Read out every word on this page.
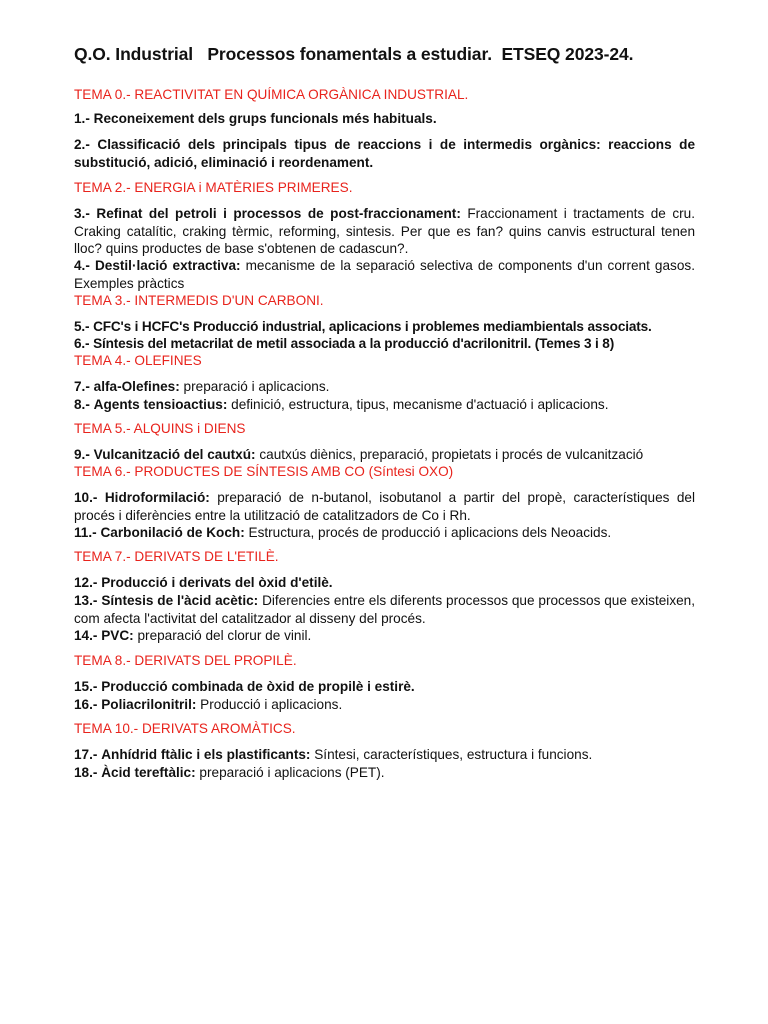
Q.O. Industrial   Processos fonamentals a estudiar.  ETSEQ 2023-24.
TEMA 0.- REACTIVITAT EN QUÍMICA ORGÀNICA INDUSTRIAL.
1.- Reconeixement dels grups funcionals més habituals.
2.- Classificació dels principals tipus de reaccions i de intermedis orgànics: reaccions de substitució, adició, eliminació i reordenament.
TEMA 2.- ENERGIA i MATÈRIES PRIMERES.
3.- Refinat del petroli i processos de post-fraccionament: Fraccionament i tractaments de cru. Craking catalític, craking tèrmic, reforming, sintesis. Per que es fan? quins canvis estructural tenen lloc? quins productes de base s'obtenen de cadascun?.
4.- Destil·lació extractiva: mecanisme de la separació selectiva de components d'un corrent gasos. Exemples pràctics
TEMA 3.- INTERMEDIS D'UN CARBONI.
5.- CFC's i HCFC's Producció industrial, aplicacions i problemes mediambientals associats.
6.- Síntesis del metacrilat de metil associada a la producció d'acrilonitril. (Temes 3 i 8)
TEMA 4.- OLEFINES
7.- alfa-Olefines: preparació i aplicacions.
8.- Agents tensioactius: definició, estructura, tipus, mecanisme d'actuació i aplicacions.
TEMA 5.- ALQUINS i DIENS
9.- Vulcanització del cautxú: cautxús diènics, preparació, propietats i procés de vulcanització
TEMA 6.- PRODUCTES DE SÍNTESIS AMB CO (Síntesi OXO)
10.- Hidroformilació: preparació de n-butanol, isobutanol a partir del propè, característiques del procés i diferències entre la utilització de catalitzadors de Co i Rh.
11.- Carbonilació de Koch: Estructura, procés de producció i aplicacions dels Neoacids.
TEMA 7.- DERIVATS DE L'ETILÈ.
12.- Producció i derivats del òxid d'etilè.
13.- Síntesis de l'àcid acètic: Diferencies entre els diferents processos que processos que existeixen, com afecta l'activitat del catalitzador al disseny del procés.
14.- PVC: preparació del clorur de vinil.
TEMA 8.- DERIVATS DEL PROPILÈ.
15.- Producció combinada de òxid de propilè i estirè.
16.- Poliacrilonitril: Producció i aplicacions.
TEMA 10.- DERIVATS AROMÀTICS.
17.- Anhídrid ftàlic i els plastificants: Síntesi, característiques, estructura i funcions.
18.- Àcid tereftàlic: preparació i aplicacions (PET).
